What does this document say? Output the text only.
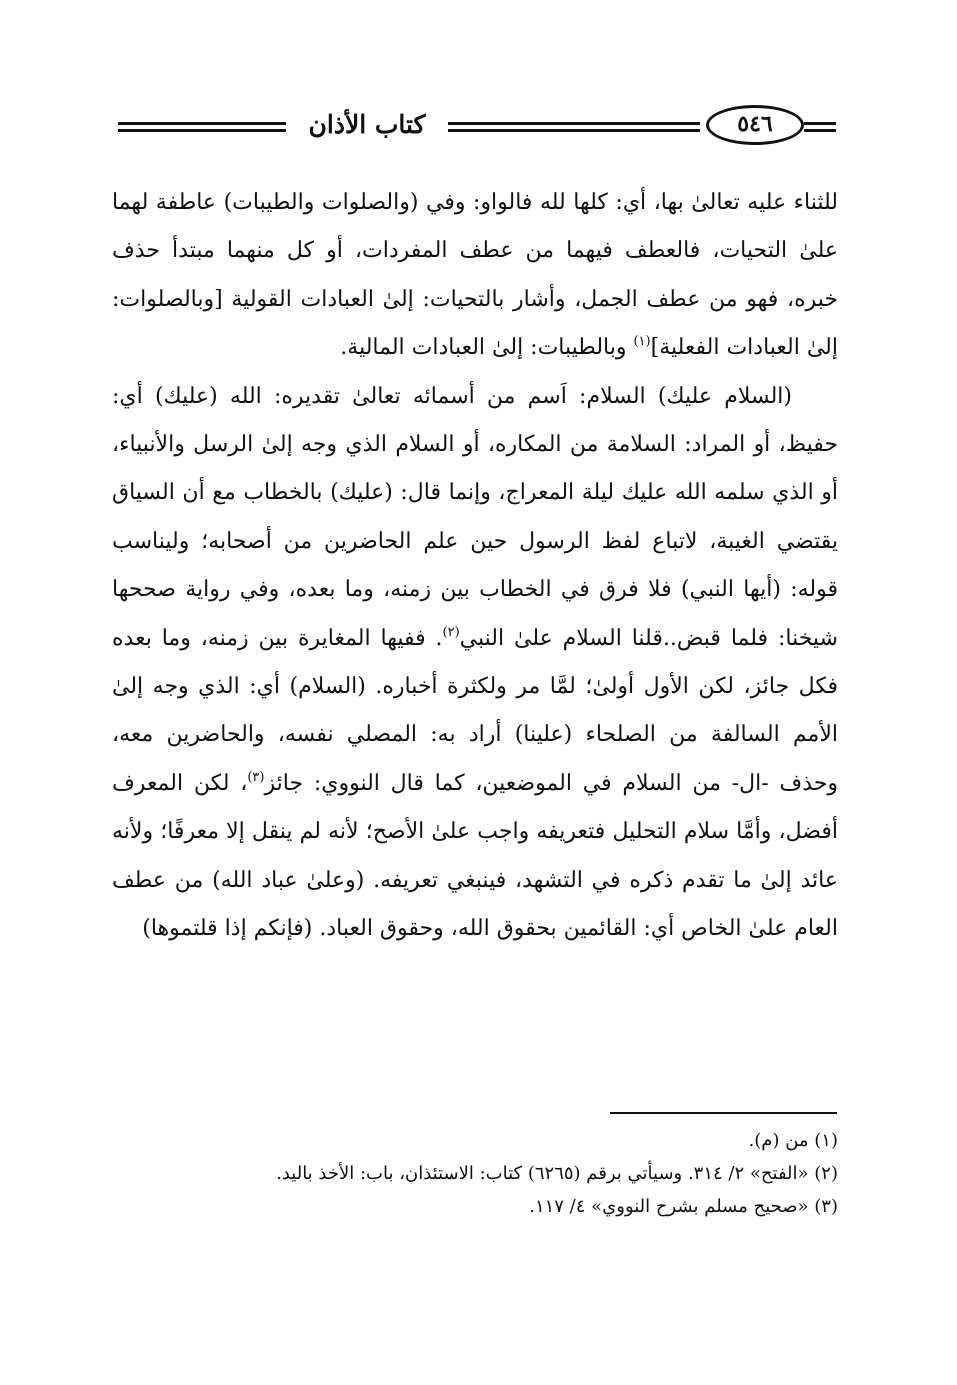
كتاب الأذان	٥٤٦

للثناء عليه تعالىٰ بها، أي: كلها لله فالواو: وفي (والصلوات والطيبات) عاطفة لهما علىٰ التحيات، فالعطف فيهما من عطف المفردات، أو كل منهما مبتدأ حذف خبره، فهو من عطف الجمل، وأشار بالتحيات: إلىٰ العبادات القولية [وبالصلوات: إلىٰ العبادات الفعلية]$^{(١)}$ وبالطيبات: إلىٰ العبادات المالية.

(السلام عليك) السلام: اَسم من أسمائه تعالىٰ تقديره: الله (عليك) أي: حفيظ، أو المراد: السلامة من المكاره، أو السلام الذي وجه إلىٰ الرسل والأنبياء، أو الذي سلمه الله عليك ليلة المعراج، وإنما قال: (عليك) بالخطاب مع أن السياق يقتضي الغيبة، لاتباع لفظ الرسول حين علم الحاضرين من أصحابه؛ وليناسب قوله: (أيها النبي) فلا فرق في الخطاب بين زمنه، وما بعده، وفي رواية صححها شيخنا: فلما قبض..قلنا السلام علىٰ النبي$^{(٢)}$. ففيها المغايرة بين زمنه، وما بعده فكل جائز، لكن الأول أولىٰ؛ لمَّا مر ولكثرة أخباره. (السلام) أي: الذي وجه إلىٰ الأمم السالفة من الصلحاء (علينا) أراد به: المصلي نفسه، والحاضرين معه، وحذف -ال- من السلام في الموضعين، كما قال النووي: جائز$^{(٣)}$، لكن المعرف أفضل، وأمَّا سلام التحليل فتعريفه واجب علىٰ الأصح؛ لأنه لم ينقل إلا معرفًا؛ ولأنه عائد إلىٰ ما تقدم ذكره في التشهد، فينبغي تعريفه. (وعلىٰ عباد الله) من عطف العام علىٰ الخاص أي: القائمين بحقوق الله، وحقوق العباد. (فإنكم إذا قلتموها)

(١) من (م).
(٢) «الفتح» ٢/ ٣١٤. وسيأتي برقم (٦٢٦٥) كتاب: الاستئذان، باب: الأخذ باليد.
(٣) «صحيح مسلم بشرح النووي» ٤/ ١١٧.
